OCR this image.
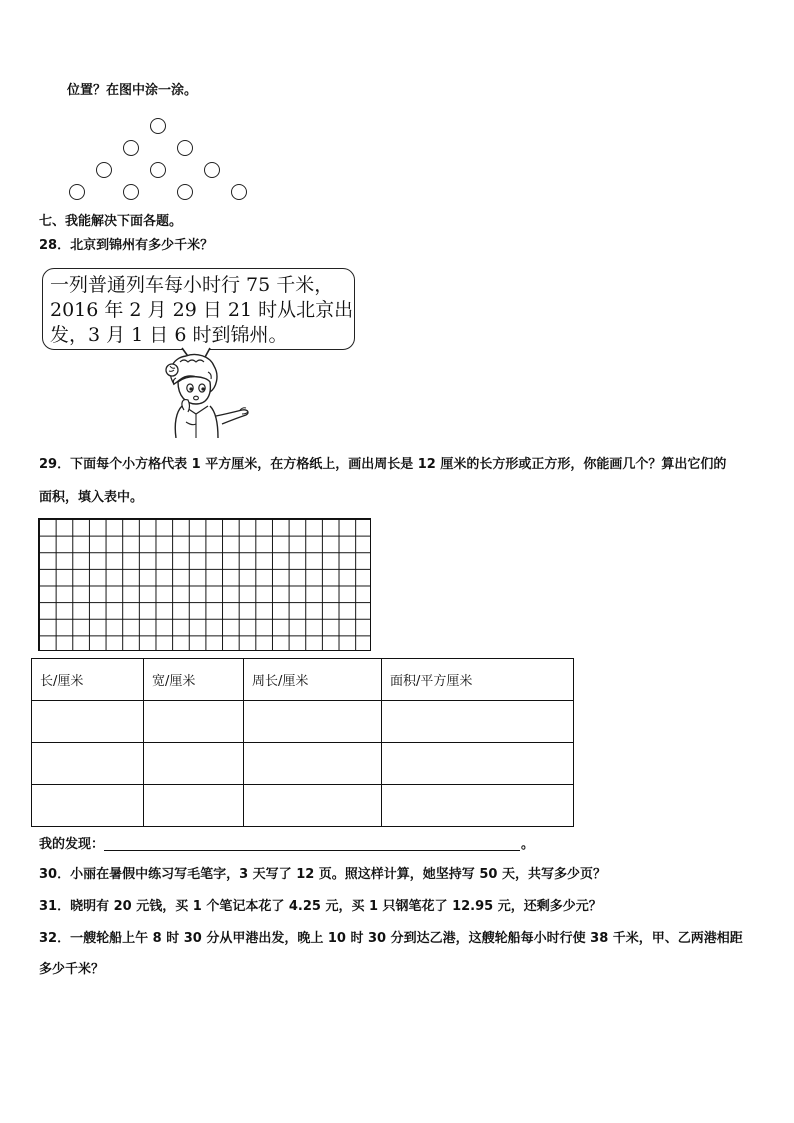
位置？在图中涂一涂。
七、我能解决下面各题。
28．北京到锦州有多少千米？
一列普通列车每小时行 75 千米，
2016 年 2 月 29 日 21 时从北京出
发，3 月 1 日 6 时到锦州。
29．下面每个小方格代表 1 平方厘米，在方格纸上，画出周长是 12 厘米的长方形或正方形，你能画几个？算出它们的
面积，填入表中。
长/厘米	宽/厘米	周长/厘米	面积/平方厘米

我的发现：	。
30．小丽在暑假中练习写毛笔字，3 天写了 12 页。照这样计算，她坚持写 50 天，共写多少页？
31．晓明有 20 元钱，买 1 个笔记本花了 4.25 元，买 1 只钢笔花了 12.95 元，还剩多少元？
32．一艘轮船上午 8 时 30 分从甲港出发，晚上 10 时 30 分到达乙港，这艘轮船每小时行使 38 千米，甲、乙两港相距
多少千米？
